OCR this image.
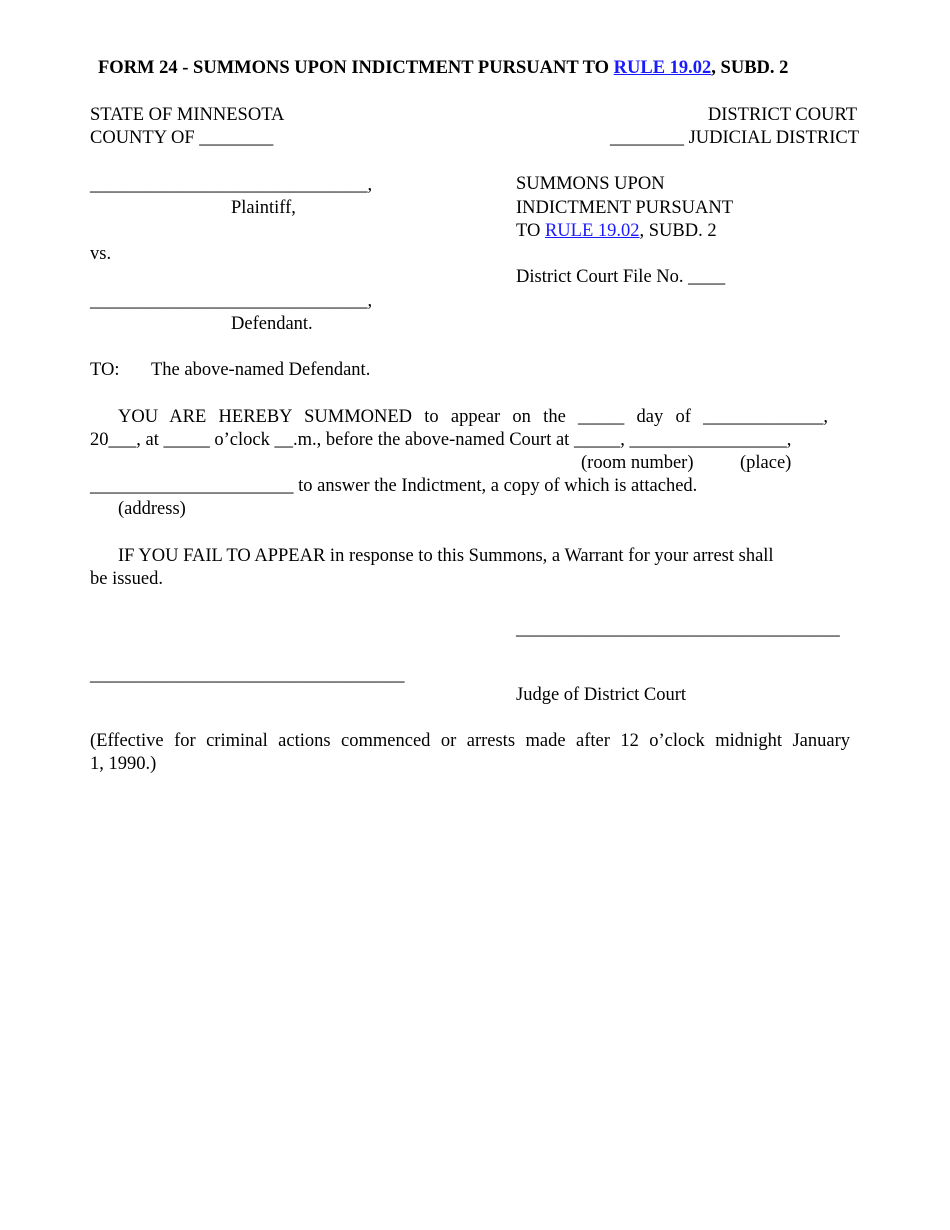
FORM 24 - SUMMONS UPON INDICTMENT PURSUANT TO RULE 19.02, SUBD. 2
STATE OF MINNESOTA
COUNTY OF ________
DISTRICT COURT
________ JUDICIAL DISTRICT
______________________________,
Plaintiff,
vs.
______________________________,
Defendant.
SUMMONS UPON
INDICTMENT PURSUANT
TO RULE 19.02, SUBD. 2
District Court File No. ____
TO: The above-named Defendant.
YOU ARE HEREBY SUMMONED to appear on the _____ day of _____________,
20___, at _____ o’clock __.m., before the above-named Court at _____, _________________,
(room number)	(place)
______________________ to answer the Indictment, a copy of which is attached.
(address)
IF YOU FAIL TO APPEAR in response to this Summons, a Warrant for your arrest shall
be issued.
___________________________________
__________________________________
Judge of District Court
(Effective for criminal actions commenced or arrests made after 12 o’clock midnight January
1, 1990.)
